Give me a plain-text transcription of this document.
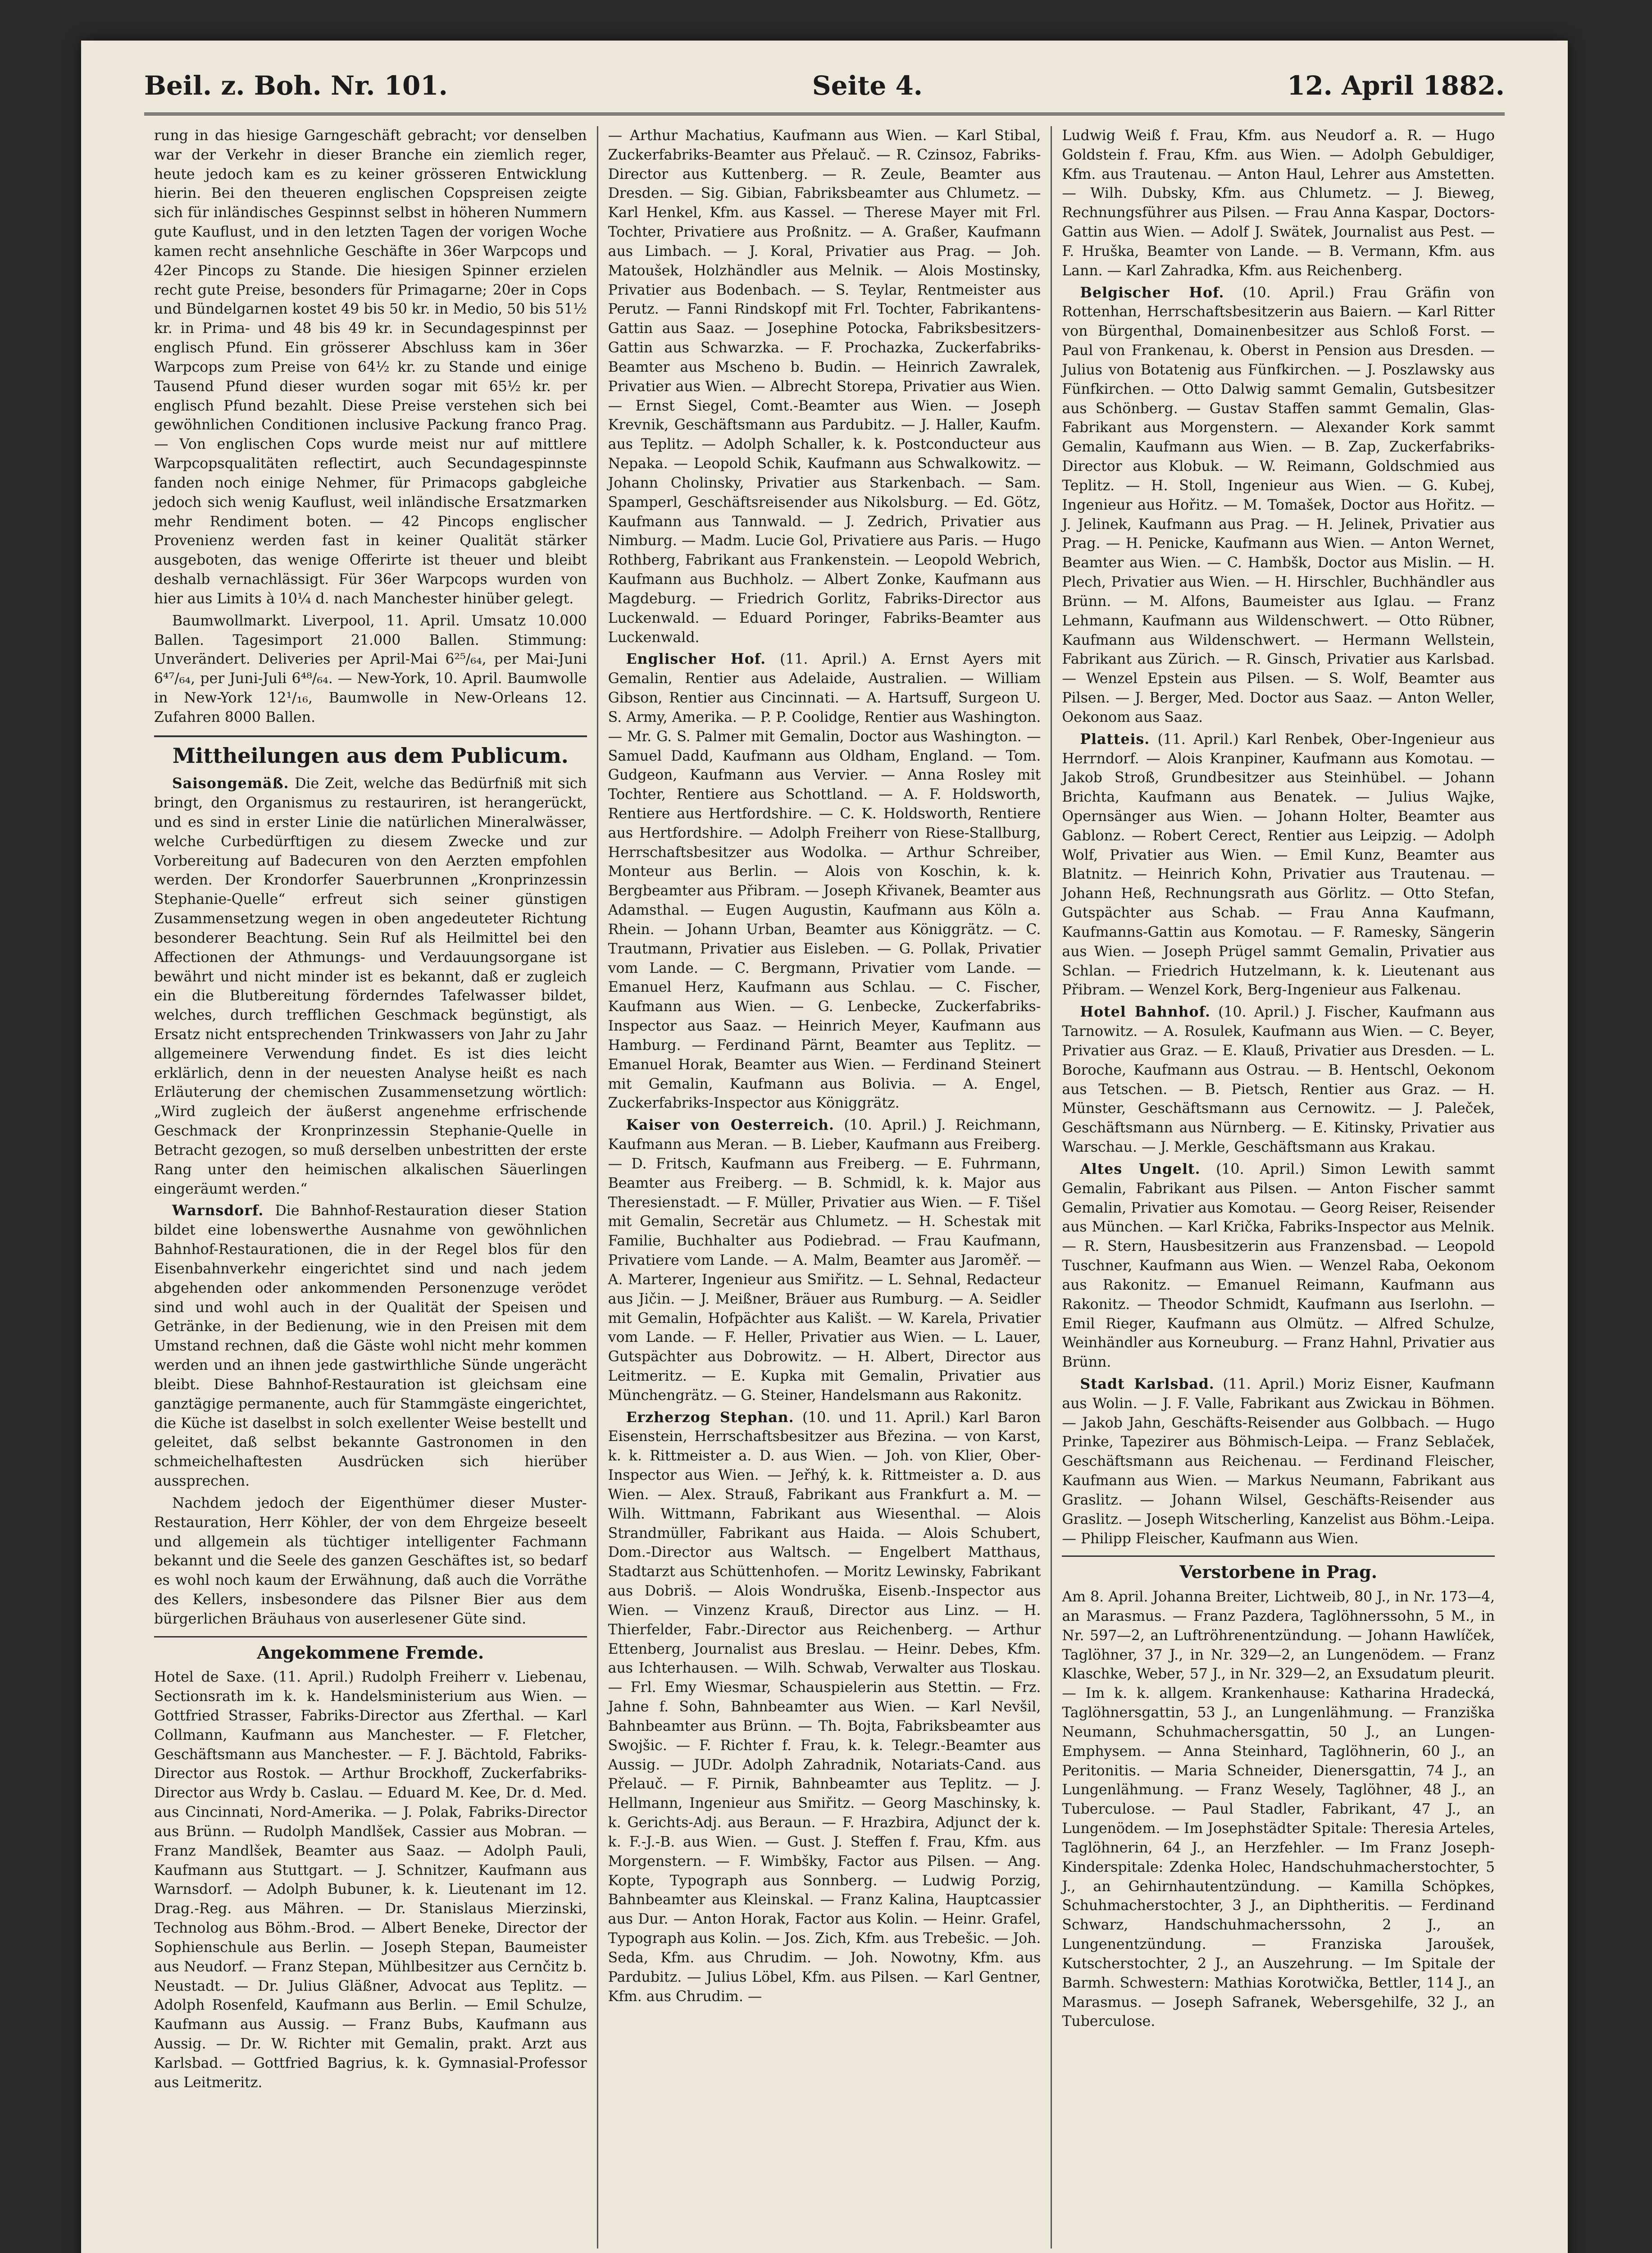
Beil. z. Boh. Nr. 101.	Seite 4.	12. April 1882.

rung in das hiesige Garngeschäft gebracht; vor denselben war der Verkehr in dieser Branche ein ziemlich reger, heute jedoch kam es zu keiner grösseren Entwicklung hierin. Bei den theueren englischen Copspreisen zeigte sich für inländisches Gespinnst selbst in höheren Nummern gute Kauflust, und in den letzten Tagen der vorigen Woche kamen recht ansehnliche Geschäfte in 36er Warpcops und 42er Pincops zu Stande. Die hiesigen Spinner erzielen recht gute Preise, besonders für Primagarne; 20er in Cops und Bündelgarnen kostet 49 bis 50 kr. in Medio, 50 bis 51½ kr. in Prima- und 48 bis 49 kr. in Secundagespinnst per englisch Pfund. Ein grösserer Abschluss kam in 36er Warpcops zum Preise von 64½ kr. zu Stande und einige Tausend Pfund dieser wurden sogar mit 65½ kr. per englisch Pfund bezahlt. Diese Preise verstehen sich bei gewöhnlichen Conditionen inclusive Packung franco Prag. — Von englischen Cops wurde meist nur auf mittlere Warpcopsqualitäten reflectirt, auch Secundagespinnste fanden noch einige Nehmer, für Primacops gabgleiche jedoch sich wenig Kauflust, weil inländische Ersatzmarken mehr Rendiment boten. — 42 Pincops englischer Provenienz werden fast in keiner Qualität stärker ausgeboten, das wenige Offerirte ist theuer und bleibt deshalb vernachlässigt. Für 36er Warpcops wurden von hier aus Limits à 10¼ d. nach Manchester hinüber gelegt.

Baumwollmarkt. Liverpool, 11. April. Umsatz 10.000 Ballen. Tagesimport 21.000 Ballen. Stimmung: Unverändert. Deliveries per April-Mai 6²⁵/₆₄, per Mai-Juni 6⁴⁷/₆₄, per Juni-Juli 6⁴⁸/₆₄. — New-York, 10. April. Baumwolle in New-York 12¹/₁₆, Baumwolle in New-Orleans 12. Zufahren 8000 Ballen.

Mittheilungen aus dem Publicum.

Saisongemäß. Die Zeit, welche das Bedürfniß mit sich bringt, den Organismus zu restauriren, ist herangerückt, und es sind in erster Linie die natürlichen Mineralwässer, welche Curbedürftigen zu diesem Zwecke und zur Vorbereitung auf Badecuren von den Aerzten empfohlen werden. Der Krondorfer Sauerbrunnen „Kronprinzessin Stephanie-Quelle“ erfreut sich seiner günstigen Zusammensetzung wegen in oben angedeuteter Richtung besonderer Beachtung. Sein Ruf als Heilmittel bei den Affectionen der Athmungs- und Verdauungsorgane ist bewährt und nicht minder ist es bekannt, daß er zugleich ein die Blutbereitung förderndes Tafelwasser bildet, welches, durch trefflichen Geschmack begünstigt, als Ersatz nicht entsprechenden Trinkwassers von Jahr zu Jahr allgemeinere Verwendung findet. Es ist dies leicht erklärlich, denn in der neuesten Analyse heißt es nach Erläuterung der chemischen Zusammensetzung wörtlich: „Wird zugleich der äußerst angenehme erfrischende Geschmack der Kronprinzessin Stephanie-Quelle in Betracht gezogen, so muß derselben unbestritten der erste Rang unter den heimischen alkalischen Säuerlingen eingeräumt werden.“

Warnsdorf. Die Bahnhof-Restauration dieser Station bildet eine lobenswerthe Ausnahme von gewöhnlichen Bahnhof-Restaurationen, die in der Regel blos für den Eisenbahnverkehr eingerichtet sind und nach jedem abgehenden oder ankommenden Personenzuge verödet sind und wohl auch in der Qualität der Speisen und Getränke, in der Bedienung, wie in den Preisen mit dem Umstand rechnen, daß die Gäste wohl nicht mehr kommen werden und an ihnen jede gastwirthliche Sünde ungerächt bleibt. Diese Bahnhof-Restauration ist gleichsam eine ganztägige permanente, auch für Stammgäste eingerichtet, die Küche ist daselbst in solch exellenter Weise bestellt und geleitet, daß selbst bekannte Gastronomen in den schmeichelhaftesten Ausdrücken sich hierüber aussprechen.

Nachdem jedoch der Eigenthümer dieser Muster-Restauration, Herr Köhler, der von dem Ehrgeize beseelt und allgemein als tüchtiger intelligenter Fachmann bekannt und die Seele des ganzen Geschäftes ist, so bedarf es wohl noch kaum der Erwähnung, daß auch die Vorräthe des Kellers, insbesondere das Pilsner Bier aus dem bürgerlichen Bräuhaus von auserlesener Güte sind.

Angekommene Fremde.

Hotel de Saxe. (11. April.) Rudolph Freiherr v. Liebenau, Sectionsrath im k. k. Handelsministerium aus Wien. — Gottfried Strasser, Fabriks-Director aus Zferthal. — Karl Collmann, Kaufmann aus Manchester. — F. Fletcher, Geschäftsmann aus Manchester. — F. J. Bächtold, Fabriks-Director aus Rostok. — Arthur Brockhoff, Zuckerfabriks-Director aus Wrdy b. Caslau. — Eduard M. Kee, Dr. d. Med. aus Cincinnati, Nord-Amerika. — J. Polak, Fabriks-Director aus Brünn. — Rudolph Mandlšek, Cassier aus Mobran. — Franz Mandlšek, Beamter aus Saaz. — Adolph Pauli, Kaufmann aus Stuttgart. — J. Schnitzer, Kaufmann aus Warnsdorf. — Adolph Bubuner, k. k. Lieutenant im 12. Drag.-Reg. aus Mähren. — Dr. Stanislaus Mierzinski, Technolog aus Böhm.-Brod. — Albert Beneke, Director der Sophienschule aus Berlin. — Joseph Stepan, Baumeister aus Neudorf. — Franz Stepan, Mühlbesitzer aus Cernčitz b. Neustadt. — Dr. Julius Gläßner, Advocat aus Teplitz. — Adolph Rosenfeld, Kaufmann aus Berlin. — Emil Schulze, Kaufmann aus Aussig. — Franz Bubs, Kaufmann aus Aussig. — Dr. W. Richter mit Gemalin, prakt. Arzt aus Karlsbad. — Gottfried Bagrius, k. k. Gymnasial-Professor aus Leitmeritz.

— Arthur Machatius, Kaufmann aus Wien. — Karl Stibal, Zuckerfabriks-Beamter aus Přelauč. — R. Czinsoz, Fabriks-Director aus Kuttenberg. — R. Zeule, Beamter aus Dresden. — Sig. Gibian, Fabriksbeamter aus Chlumetz. — Karl Henkel, Kfm. aus Kassel. — Therese Mayer mit Frl. Tochter, Privatiere aus Proßnitz. — A. Graßer, Kaufmann aus Limbach. — J. Koral, Privatier aus Prag. — Joh. Matoušek, Holzhändler aus Melnik. — Alois Mostinsky, Privatier aus Bodenbach. — S. Teylar, Rentmeister aus Perutz. — Fanni Rindskopf mit Frl. Tochter, Fabrikantens-Gattin aus Saaz. — Josephine Potocka, Fabriksbesitzers-Gattin aus Schwarzka. — F. Prochazka, Zuckerfabriks-Beamter aus Mscheno b. Budin. — Heinrich Zawralek, Privatier aus Wien. — Albrecht Storepa, Privatier aus Wien. — Ernst Siegel, Comt.-Beamter aus Wien. — Joseph Krevnik, Geschäftsmann aus Pardubitz. — J. Haller, Kaufm. aus Teplitz. — Adolph Schaller, k. k. Postconducteur aus Nepaka. — Leopold Schik, Kaufmann aus Schwalkowitz. — Johann Cholinsky, Privatier aus Starkenbach. — Sam. Spamperl, Geschäftsreisender aus Nikolsburg. — Ed. Götz, Kaufmann aus Tannwald. — J. Zedrich, Privatier aus Nimburg. — Madm. Lucie Gol, Privatiere aus Paris. — Hugo Rothberg, Fabrikant aus Frankenstein. — Leopold Webrich, Kaufmann aus Buchholz. — Albert Zonke, Kaufmann aus Magdeburg. — Friedrich Gorlitz, Fabriks-Director aus Luckenwald. — Eduard Poringer, Fabriks-Beamter aus Luckenwald.

Englischer Hof. (11. April.) A. Ernst Ayers mit Gemalin, Rentier aus Adelaide, Australien. — William Gibson, Rentier aus Cincinnati. — A. Hartsuff, Surgeon U. S. Army, Amerika. — P. P. Coolidge, Rentier aus Washington. — Mr. G. S. Palmer mit Gemalin, Doctor aus Washington. — Samuel Dadd, Kaufmann aus Oldham, England. — Tom. Gudgeon, Kaufmann aus Vervier. — Anna Rosley mit Tochter, Rentiere aus Schottland. — A. F. Holdsworth, Rentiere aus Hertfordshire. — C. K. Holdsworth, Rentiere aus Hertfordshire. — Adolph Freiherr von Riese-Stallburg, Herrschaftsbesitzer aus Wodolka. — Arthur Schreiber, Monteur aus Berlin. — Alois von Koschin, k. k. Bergbeamter aus Přibram. — Joseph Křivanek, Beamter aus Adamsthal. — Eugen Augustin, Kaufmann aus Köln a. Rhein. — Johann Urban, Beamter aus Königgrätz. — C. Trautmann, Privatier aus Eisleben. — G. Pollak, Privatier vom Lande. — C. Bergmann, Privatier vom Lande. — Emanuel Herz, Kaufmann aus Schlau. — C. Fischer, Kaufmann aus Wien. — G. Lenbecke, Zuckerfabriks-Inspector aus Saaz. — Heinrich Meyer, Kaufmann aus Hamburg. — Ferdinand Pärnt, Beamter aus Teplitz. — Emanuel Horak, Beamter aus Wien. — Ferdinand Steinert mit Gemalin, Kaufmann aus Bolivia. — A. Engel, Zuckerfabriks-Inspector aus Königgrätz.

Kaiser von Oesterreich. (10. April.) J. Reichmann, Kaufmann aus Meran. — B. Lieber, Kaufmann aus Freiberg. — D. Fritsch, Kaufmann aus Freiberg. — E. Fuhrmann, Beamter aus Freiberg. — B. Schmidl, k. k. Major aus Theresienstadt. — F. Müller, Privatier aus Wien. — F. Tišel mit Gemalin, Secretär aus Chlumetz. — H. Schestak mit Familie, Buchhalter aus Podiebrad. — Frau Kaufmann, Privatiere vom Lande. — A. Malm, Beamter aus Jaroměř. — A. Marterer, Ingenieur aus Smiřitz. — L. Sehnal, Redacteur aus Jičin. — J. Meißner, Bräuer aus Rumburg. — A. Seidler mit Gemalin, Hofpächter aus Kališt. — W. Karela, Privatier vom Lande. — F. Heller, Privatier aus Wien. — L. Lauer, Gutspächter aus Dobrowitz. — H. Albert, Director aus Leitmeritz. — E. Kupka mit Gemalin, Privatier aus Münchengrätz. — G. Steiner, Handelsmann aus Rakonitz.

Erzherzog Stephan. (10. und 11. April.) Karl Baron Eisenstein, Herrschaftsbesitzer aus Březina. — von Karst, k. k. Rittmeister a. D. aus Wien. — Joh. von Klier, Ober-Inspector aus Wien. — Jeřhý, k. k. Rittmeister a. D. aus Wien. — Alex. Strauß, Fabrikant aus Frankfurt a. M. — Wilh. Wittmann, Fabrikant aus Wiesenthal. — Alois Strandmüller, Fabrikant aus Haida. — Alois Schubert, Dom.-Director aus Waltsch. — Engelbert Matthaus, Stadtarzt aus Schüttenhofen. — Moritz Lewinsky, Fabrikant aus Dobriš. — Alois Wondruška, Eisenb.-Inspector aus Wien. — Vinzenz Krauß, Director aus Linz. — H. Thierfelder, Fabr.-Director aus Reichenberg. — Arthur Ettenberg, Journalist aus Breslau. — Heinr. Debes, Kfm. aus Ichterhausen. — Wilh. Schwab, Verwalter aus Tloskau. — Frl. Emy Wiesmar, Schauspielerin aus Stettin. — Frz. Jahne f. Sohn, Bahnbeamter aus Wien. — Karl Nevšil, Bahnbeamter aus Brünn. — Th. Bojta, Fabriksbeamter aus Swojšic. — F. Richter f. Frau, k. k. Telegr.-Beamter aus Aussig. — JUDr. Adolph Zahradnik, Notariats-Cand. aus Přelauč. — F. Pirnik, Bahnbeamter aus Teplitz. — J. Hellmann, Ingenieur aus Smiřitz. — Georg Maschinsky, k. k. Gerichts-Adj. aus Beraun. — F. Hrazbira, Adjunct der k. k. F.-J.-B. aus Wien. — Gust. J. Steffen f. Frau, Kfm. aus Morgenstern. — F. Wimbšky, Factor aus Pilsen. — Ang. Kopte, Typograph aus Sonnberg. — Ludwig Porzig, Bahnbeamter aus Kleinskal. — Franz Kalina, Hauptcassier aus Dur. — Anton Horak, Factor aus Kolin. — Heinr. Grafel, Typograph aus Kolin. — Jos. Zich, Kfm. aus Trebešic. — Joh. Seda, Kfm. aus Chrudim. — Joh. Nowotny, Kfm. aus Pardubitz. — Julius Löbel, Kfm. aus Pilsen. — Karl Gentner, Kfm. aus Chrudim. —

Ludwig Weiß f. Frau, Kfm. aus Neudorf a. R. — Hugo Goldstein f. Frau, Kfm. aus Wien. — Adolph Gebuldiger, Kfm. aus Trautenau. — Anton Haul, Lehrer aus Amstetten. — Wilh. Dubsky, Kfm. aus Chlumetz. — J. Bieweg, Rechnungsführer aus Pilsen. — Frau Anna Kaspar, Doctors-Gattin aus Wien. — Adolf J. Swätek, Journalist aus Pest. — F. Hruška, Beamter von Lande. — B. Vermann, Kfm. aus Lann. — Karl Zahradka, Kfm. aus Reichenberg.

Belgischer Hof. (10. April.) Frau Gräfin von Rottenhan, Herrschaftsbesitzerin aus Baiern. — Karl Ritter von Bürgenthal, Domainenbesitzer aus Schloß Forst. — Paul von Frankenau, k. Oberst in Pension aus Dresden. — Julius von Botatenig aus Fünfkirchen. — J. Poszlawsky aus Fünfkirchen. — Otto Dalwig sammt Gemalin, Gutsbesitzer aus Schönberg. — Gustav Staffen sammt Gemalin, Glas-Fabrikant aus Morgenstern. — Alexander Kork sammt Gemalin, Kaufmann aus Wien. — B. Zap, Zuckerfabriks-Director aus Klobuk. — W. Reimann, Goldschmied aus Teplitz. — H. Stoll, Ingenieur aus Wien. — G. Kubej, Ingenieur aus Hořitz. — M. Tomašek, Doctor aus Hořitz. — J. Jelinek, Kaufmann aus Prag. — H. Jelinek, Privatier aus Prag. — H. Penicke, Kaufmann aus Wien. — Anton Wernet, Beamter aus Wien. — C. Hambšk, Doctor aus Mislin. — H. Plech, Privatier aus Wien. — H. Hirschler, Buchhändler aus Brünn. — M. Alfons, Baumeister aus Iglau. — Franz Lehmann, Kaufmann aus Wildenschwert. — Otto Rübner, Kaufmann aus Wildenschwert. — Hermann Wellstein, Fabrikant aus Zürich. — R. Ginsch, Privatier aus Karlsbad. — Wenzel Epstein aus Pilsen. — S. Wolf, Beamter aus Pilsen. — J. Berger, Med. Doctor aus Saaz. — Anton Weller, Oekonom aus Saaz.

Platteis. (11. April.) Karl Renbek, Ober-Ingenieur aus Herrndorf. — Alois Kranpiner, Kaufmann aus Komotau. — Jakob Stroß, Grundbesitzer aus Steinhübel. — Johann Brichta, Kaufmann aus Benatek. — Julius Wajke, Opernsänger aus Wien. — Johann Holter, Beamter aus Gablonz. — Robert Cerect, Rentier aus Leipzig. — Adolph Wolf, Privatier aus Wien. — Emil Kunz, Beamter aus Blatnitz. — Heinrich Kohn, Privatier aus Trautenau. — Johann Heß, Rechnungsrath aus Görlitz. — Otto Stefan, Gutspächter aus Schab. — Frau Anna Kaufmann, Kaufmanns-Gattin aus Komotau. — F. Ramesky, Sängerin aus Wien. — Joseph Prügel sammt Gemalin, Privatier aus Schlan. — Friedrich Hutzelmann, k. k. Lieutenant aus Přibram. — Wenzel Kork, Berg-Ingenieur aus Falkenau.

Hotel Bahnhof. (10. April.) J. Fischer, Kaufmann aus Tarnowitz. — A. Rosulek, Kaufmann aus Wien. — C. Beyer, Privatier aus Graz. — E. Klauß, Privatier aus Dresden. — L. Boroche, Kaufmann aus Ostrau. — B. Hentschl, Oekonom aus Tetschen. — B. Pietsch, Rentier aus Graz. — H. Münster, Geschäftsmann aus Cernowitz. — J. Paleček, Geschäftsmann aus Nürnberg. — E. Kitinsky, Privatier aus Warschau. — J. Merkle, Geschäftsmann aus Krakau.

Altes Ungelt. (10. April.) Simon Lewith sammt Gemalin, Fabrikant aus Pilsen. — Anton Fischer sammt Gemalin, Privatier aus Komotau. — Georg Reiser, Reisender aus München. — Karl Krička, Fabriks-Inspector aus Melnik. — R. Stern, Hausbesitzerin aus Franzensbad. — Leopold Tuschner, Kaufmann aus Wien. — Wenzel Raba, Oekonom aus Rakonitz. — Emanuel Reimann, Kaufmann aus Rakonitz. — Theodor Schmidt, Kaufmann aus Iserlohn. — Emil Rieger, Kaufmann aus Olmütz. — Alfred Schulze, Weinhändler aus Korneuburg. — Franz Hahnl, Privatier aus Brünn.

Stadt Karlsbad. (11. April.) Moriz Eisner, Kaufmann aus Wolin. — J. F. Valle, Fabrikant aus Zwickau in Böhmen. — Jakob Jahn, Geschäfts-Reisender aus Golbbach. — Hugo Prinke, Tapezirer aus Böhmisch-Leipa. — Franz Seblaček, Geschäftsmann aus Reichenau. — Ferdinand Fleischer, Kaufmann aus Wien. — Markus Neumann, Fabrikant aus Graslitz. — Johann Wilsel, Geschäfts-Reisender aus Graslitz. — Joseph Witscherling, Kanzelist aus Böhm.-Leipa. — Philipp Fleischer, Kaufmann aus Wien.

Verstorbene in Prag.

Am 8. April. Johanna Breiter, Lichtweib, 80 J., in Nr. 173—4, an Marasmus. — Franz Pazdera, Taglöhnerssohn, 5 M., in Nr. 597—2, an Luftröhrenentzündung. — Johann Hawlíček, Taglöhner, 37 J., in Nr. 329—2, an Lungenödem. — Franz Klaschke, Weber, 57 J., in Nr. 329—2, an Exsudatum pleurit. — Im k. k. allgem. Krankenhause: Katharina Hradecká, Taglöhnersgattin, 53 J., an Lungenlähmung. — Franziška Neumann, Schuhmachersgattin, 50 J., an Lungen-Emphysem. — Anna Steinhard, Taglöhnerin, 60 J., an Peritonitis. — Maria Schneider, Dienersgattin, 74 J., an Lungenlähmung. — Franz Wesely, Taglöhner, 48 J., an Tuberculose. — Paul Stadler, Fabrikant, 47 J., an Lungenödem. — Im Josephstädter Spitale: Theresia Arteles, Taglöhnerin, 64 J., an Herzfehler. — Im Franz Joseph-Kinderspitale: Zdenka Holec, Handschuhmacherstochter, 5 J., an Gehirnhautentzündung. — Kamilla Schöpkes, Schuhmacherstochter, 3 J., an Diphtheritis. — Ferdinand Schwarz, Handschuhmacherssohn, 2 J., an Lungenentzündung. — Franziska Jaroušek, Kutscherstochter, 2 J., an Auszehrung. — Im Spitale der Barmh. Schwestern: Mathias Korotwička, Bettler, 114 J., an Marasmus. — Joseph Safranek, Webersgehilfe, 32 J., an Tuberculose.
